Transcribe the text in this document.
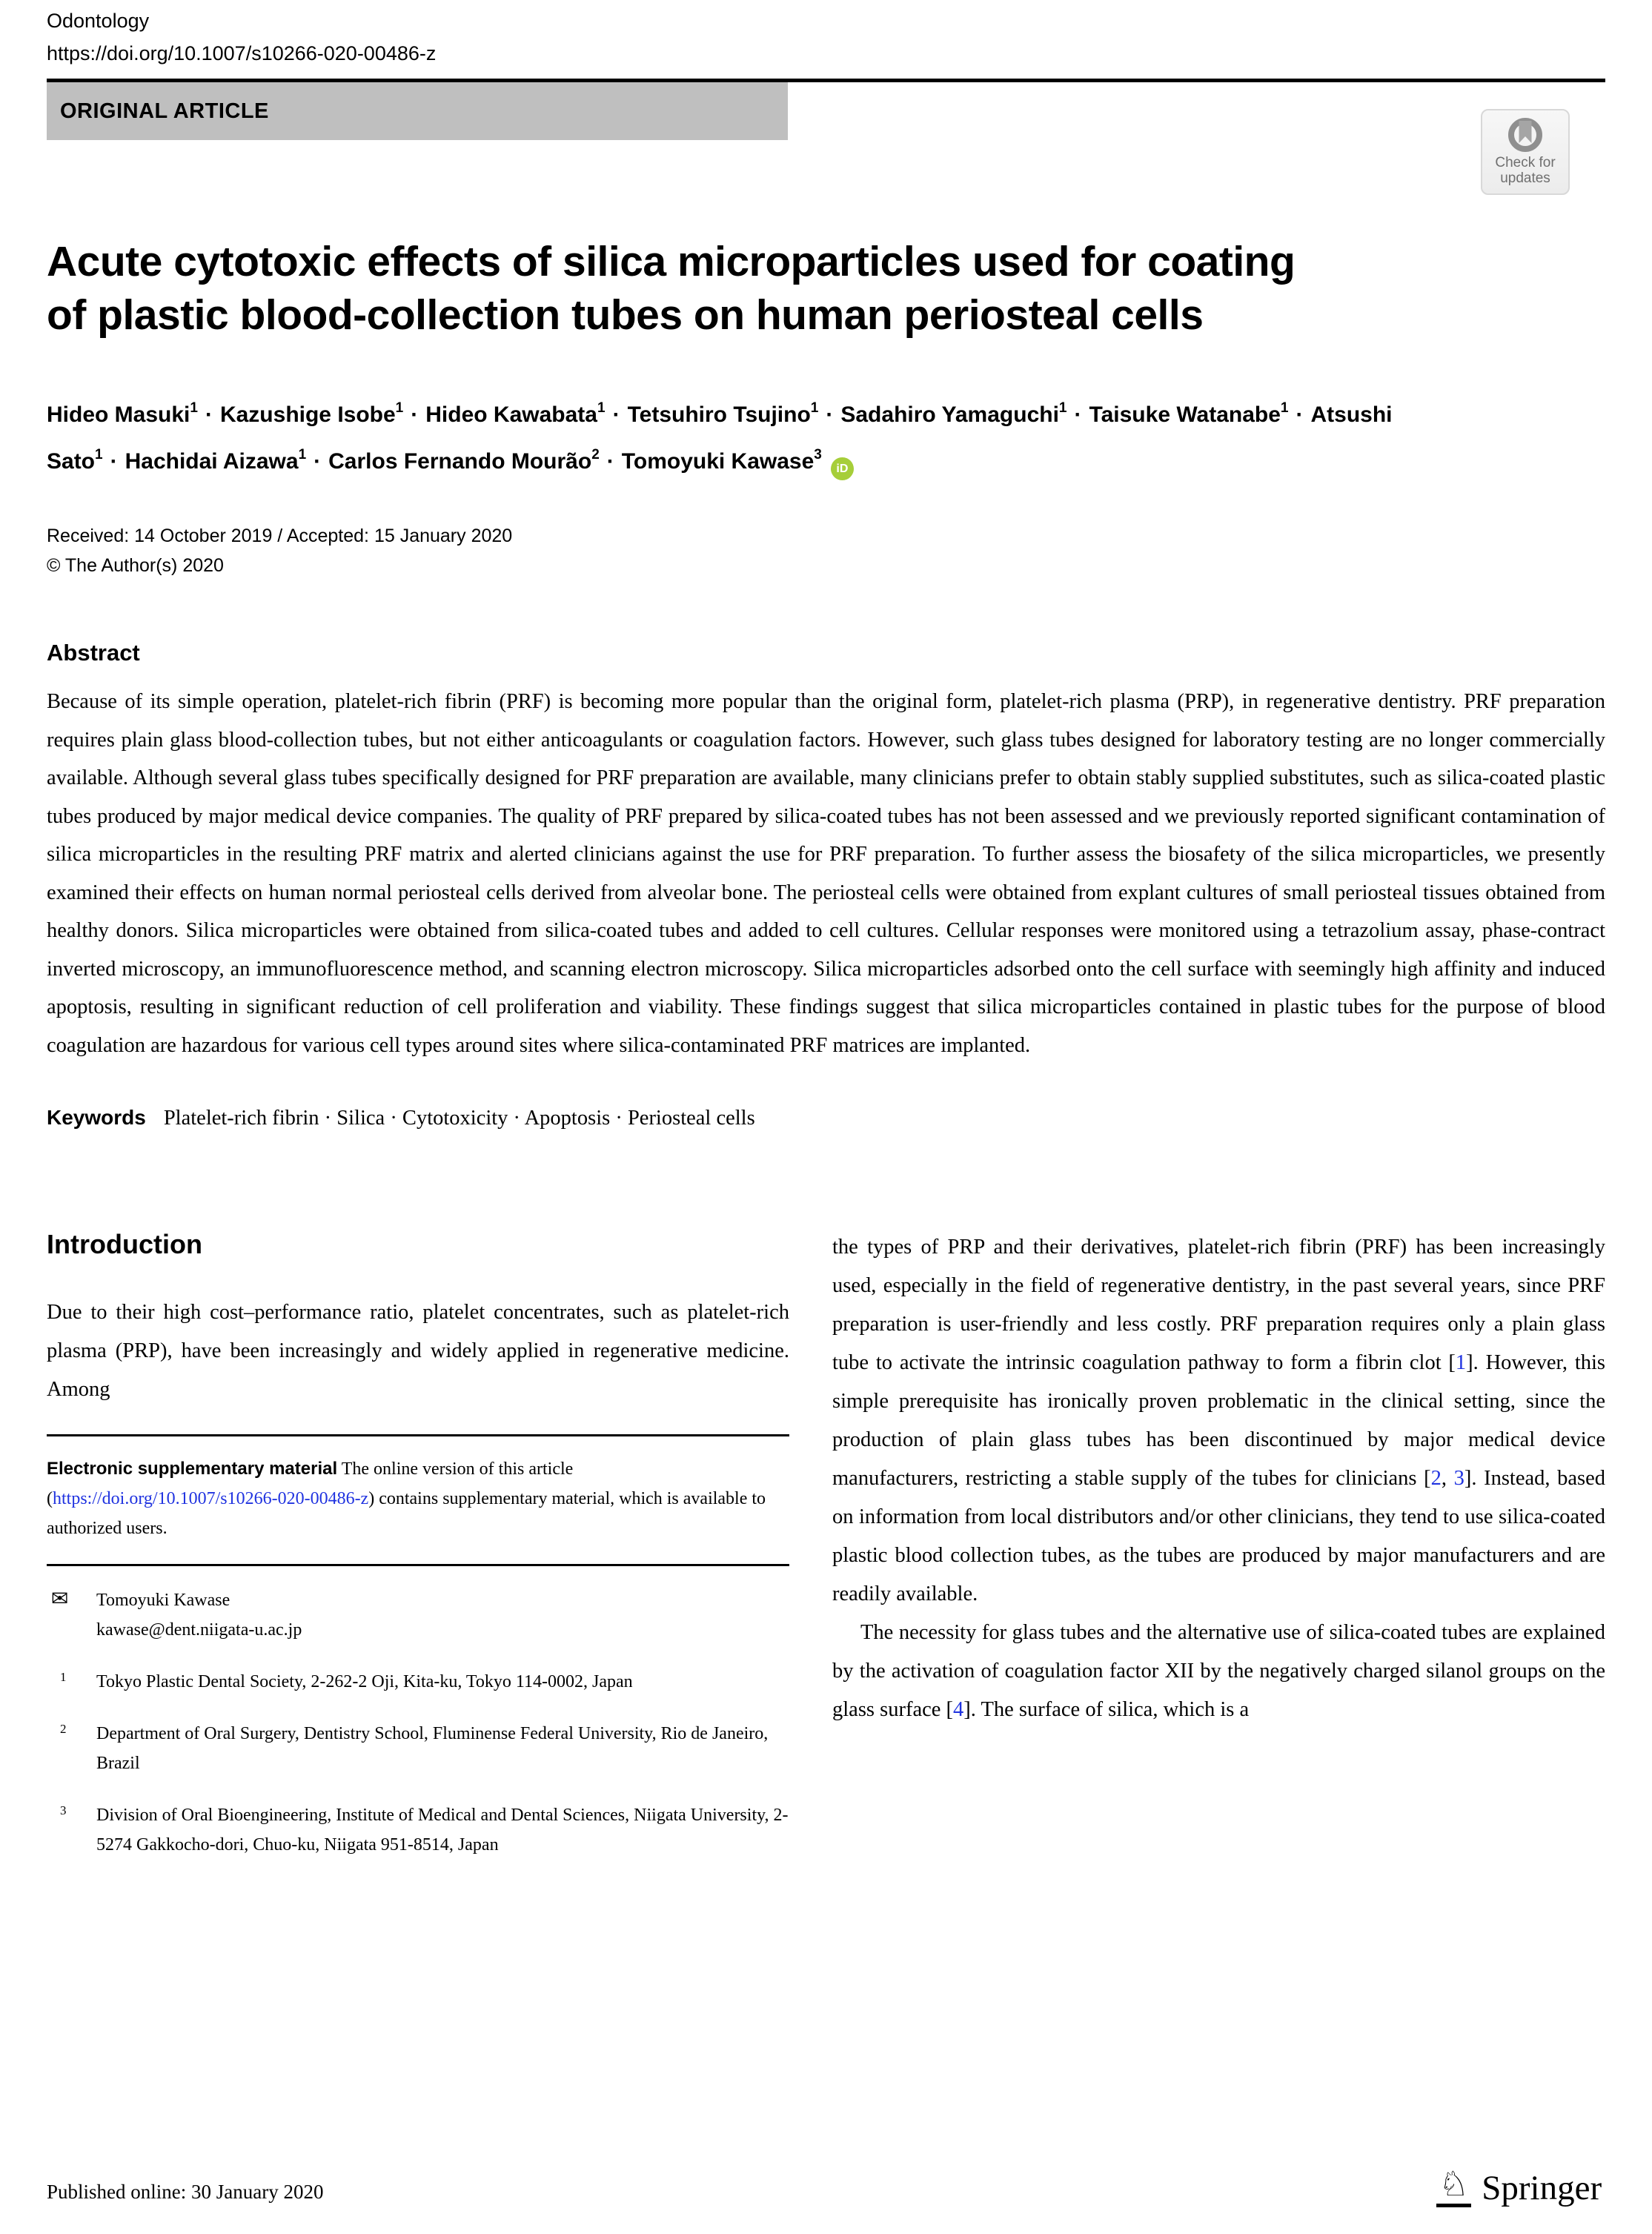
Odontology
https://doi.org/10.1007/s10266-020-00486-z
ORIGINAL ARTICLE
Check for updates
Acute cytotoxic effects of silica microparticles used for coating of plastic blood-collection tubes on human periosteal cells
Hideo Masuki$^1$ · Kazushige Isobe$^1$ · Hideo Kawabata$^1$ · Tetsuhiro Tsujino$^1$ · Sadahiro Yamaguchi$^1$ · Taisuke Watanabe$^1$ · Atsushi Sato$^1$ · Hachidai Aizawa$^1$ · Carlos Fernando Mourão$^2$ · Tomoyuki Kawase$^3$iD
Received: 14 October 2019 / Accepted: 15 January 2020
© The Author(s) 2020
Abstract
Because of its simple operation, platelet-rich fibrin (PRF) is becoming more popular than the original form, platelet-rich plasma (PRP), in regenerative dentistry. PRF preparation requires plain glass blood-collection tubes, but not either anticoagulants or coagulation factors. However, such glass tubes designed for laboratory testing are no longer commercially available. Although several glass tubes specifically designed for PRF preparation are available, many clinicians prefer to obtain stably supplied substitutes, such as silica-coated plastic tubes produced by major medical device companies. The quality of PRF prepared by silica-coated tubes has not been assessed and we previously reported significant contamination of silica microparticles in the resulting PRF matrix and alerted clinicians against the use for PRF preparation. To further assess the biosafety of the silica microparticles, we presently examined their effects on human normal periosteal cells derived from alveolar bone. The periosteal cells were obtained from explant cultures of small periosteal tissues obtained from healthy donors. Silica microparticles were obtained from silica-coated tubes and added to cell cultures. Cellular responses were monitored using a tetrazolium assay, phase-contract inverted microscopy, an immunofluorescence method, and scanning electron microscopy. Silica microparticles adsorbed onto the cell surface with seemingly high affinity and induced apoptosis, resulting in significant reduction of cell proliferation and viability. These findings suggest that silica microparticles contained in plastic tubes for the purpose of blood coagulation are hazardous for various cell types around sites where silica-contaminated PRF matrices are implanted.
Keywords Platelet-rich fibrin · Silica · Cytotoxicity · Apoptosis · Periosteal cells
Introduction

Due to their high cost–performance ratio, platelet concentrates, such as platelet-rich plasma (PRP), have been increasingly and widely applied in regenerative medicine. Among

Electronic supplementary material The online version of this article (https://doi.org/10.1007/s10266-020-00486-z) contains supplementary material, which is available to authorized users.
✉ Tomoyuki Kawase
kawase@dent.niigata-u.ac.jp
1 Tokyo Plastic Dental Society, 2-262-2 Oji, Kita-ku, Tokyo 114-0002, Japan
2 Department of Oral Surgery, Dentistry School, Fluminense Federal University, Rio de Janeiro, Brazil
3 Division of Oral Bioengineering, Institute of Medical and Dental Sciences, Niigata University, 2-5274 Gakkocho-dori, Chuo-ku, Niigata 951-8514, Japan

the types of PRP and their derivatives, platelet-rich fibrin (PRF) has been increasingly used, especially in the field of regenerative dentistry, in the past several years, since PRF preparation is user-friendly and less costly. PRF preparation requires only a plain glass tube to activate the intrinsic coagulation pathway to form a fibrin clot [1]. However, this simple prerequisite has ironically proven problematic in the clinical setting, since the production of plain glass tubes has been discontinued by major medical device manufacturers, restricting a stable supply of the tubes for clinicians [2, 3]. Instead, based on information from local distributors and/or other clinicians, they tend to use silica-coated plastic blood collection tubes, as the tubes are produced by major manufacturers and are readily available.

The necessity for glass tubes and the alternative use of silica-coated tubes are explained by the activation of coagulation factor XII by the negatively charged silanol groups on the glass surface [4]. The surface of silica, which is a

Published online: 30 January 2020	♘ Springer
